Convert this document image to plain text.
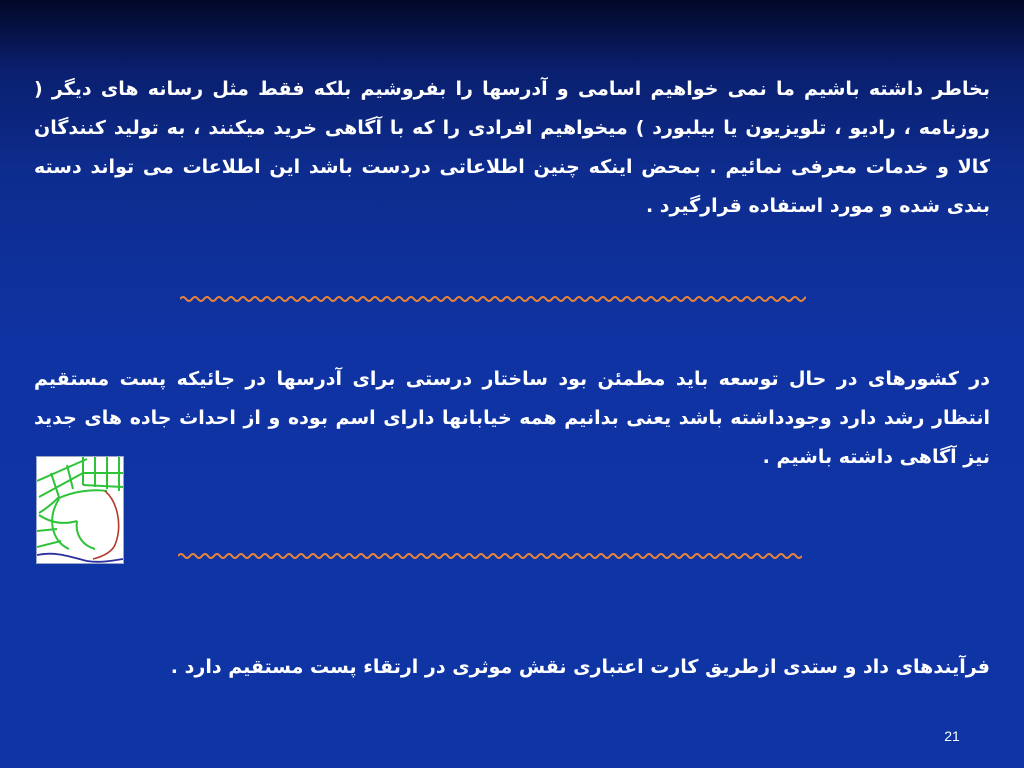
بخاطر داشته باشیم ما نمی خواهیم اسامی و آدرسها را بفروشیم بلکه فقط مثل رسانه های دیگر ( روزنامه ، رادیو ، تلویزیون یا بیلبورد ) میخواهیم افرادی را که با آگاهی خرید میکنند ، به تولید کنندگان کالا و خدمات معرفی نمائیم . بمحض اینکه چنین اطلاعاتی دردست باشد این اطلاعات می تواند دسته بندی شده و مورد استفاده قرارگیرد .

در کشورهای در حال توسعه باید مطمئن بود ساختار درستی برای آدرسها در جائیکه پست مستقیم انتظار رشد دارد وجودداشته باشد یعنی بدانیم همه خیابانها دارای اسم بوده و از احداث جاده های جدید نیز آگاهی داشته باشیم .

فرآیندهای داد و ستدی ازطریق کارت اعتباری نقش موثری در ارتقاء پست مستقیم دارد .

21
